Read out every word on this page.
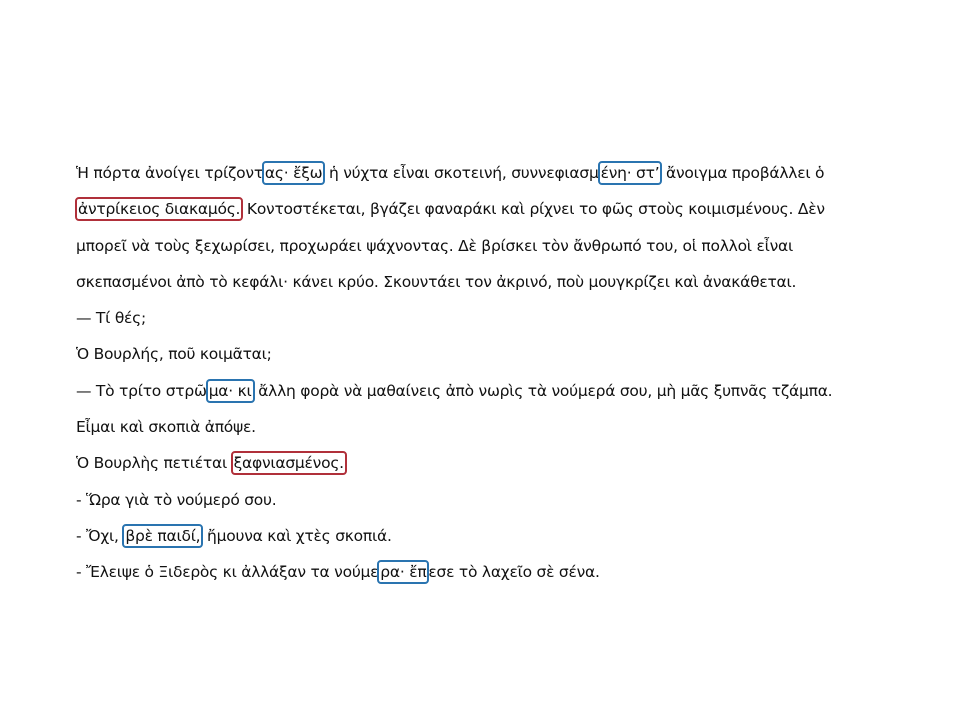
Ἡ πόρτα ἀνοίγει τρίζοντ ας· ἔξω ἡ νύχτα εἶναι σκοτεινή, συννεφιασμ ένη· στ’ ἄνοιγμα προβάλλει ὁ
ἀντρίκειος διακαμός. Κοντοστέκεται, βγάζει φαναράκι καὶ ρίχνει το φῶς στοὺς κοιμισμένους. Δὲν
μπορεῖ νὰ τοὺς ξεχωρίσει, προχωράει ψάχνοντας. Δὲ βρίσκει τὸν ἄνθρωπό του, οἱ πολλοὶ εἶναι
σκεπασμένοι ἀπὸ τὸ κεφάλι· κάνει κρύο. Σκουντάει τον ἀκρινό, ποὺ μουγκρίζει καὶ ἀνακάθεται.
— Τί θές;
Ὁ Βουρλής, ποῦ κοιμᾶται;
— Τὸ τρίτο στρῶ μα· κι ἄλλη φορὰ νὰ μαθαίνεις ἀπὸ νωρὶς τὰ νούμερά σου, μὴ μᾶς ξυπνᾶς τζάμπα.
Εἶμαι καὶ σκοπιὰ ἀπόψε.
Ὁ Βουρλὴς πετιέται ξαφνιασμένος.
- Ὥρα γιὰ τὸ νούμερό σου.
- Ὄχι, βρὲ παιδί, ἤμουνα καὶ χτὲς σκοπιά.
- Ἔλειψε ὁ Ξιδερὸς κι ἀλλάξαν τα νούμε ρα· ἔπ εσε τὸ λαχεῖο σὲ σένα.
